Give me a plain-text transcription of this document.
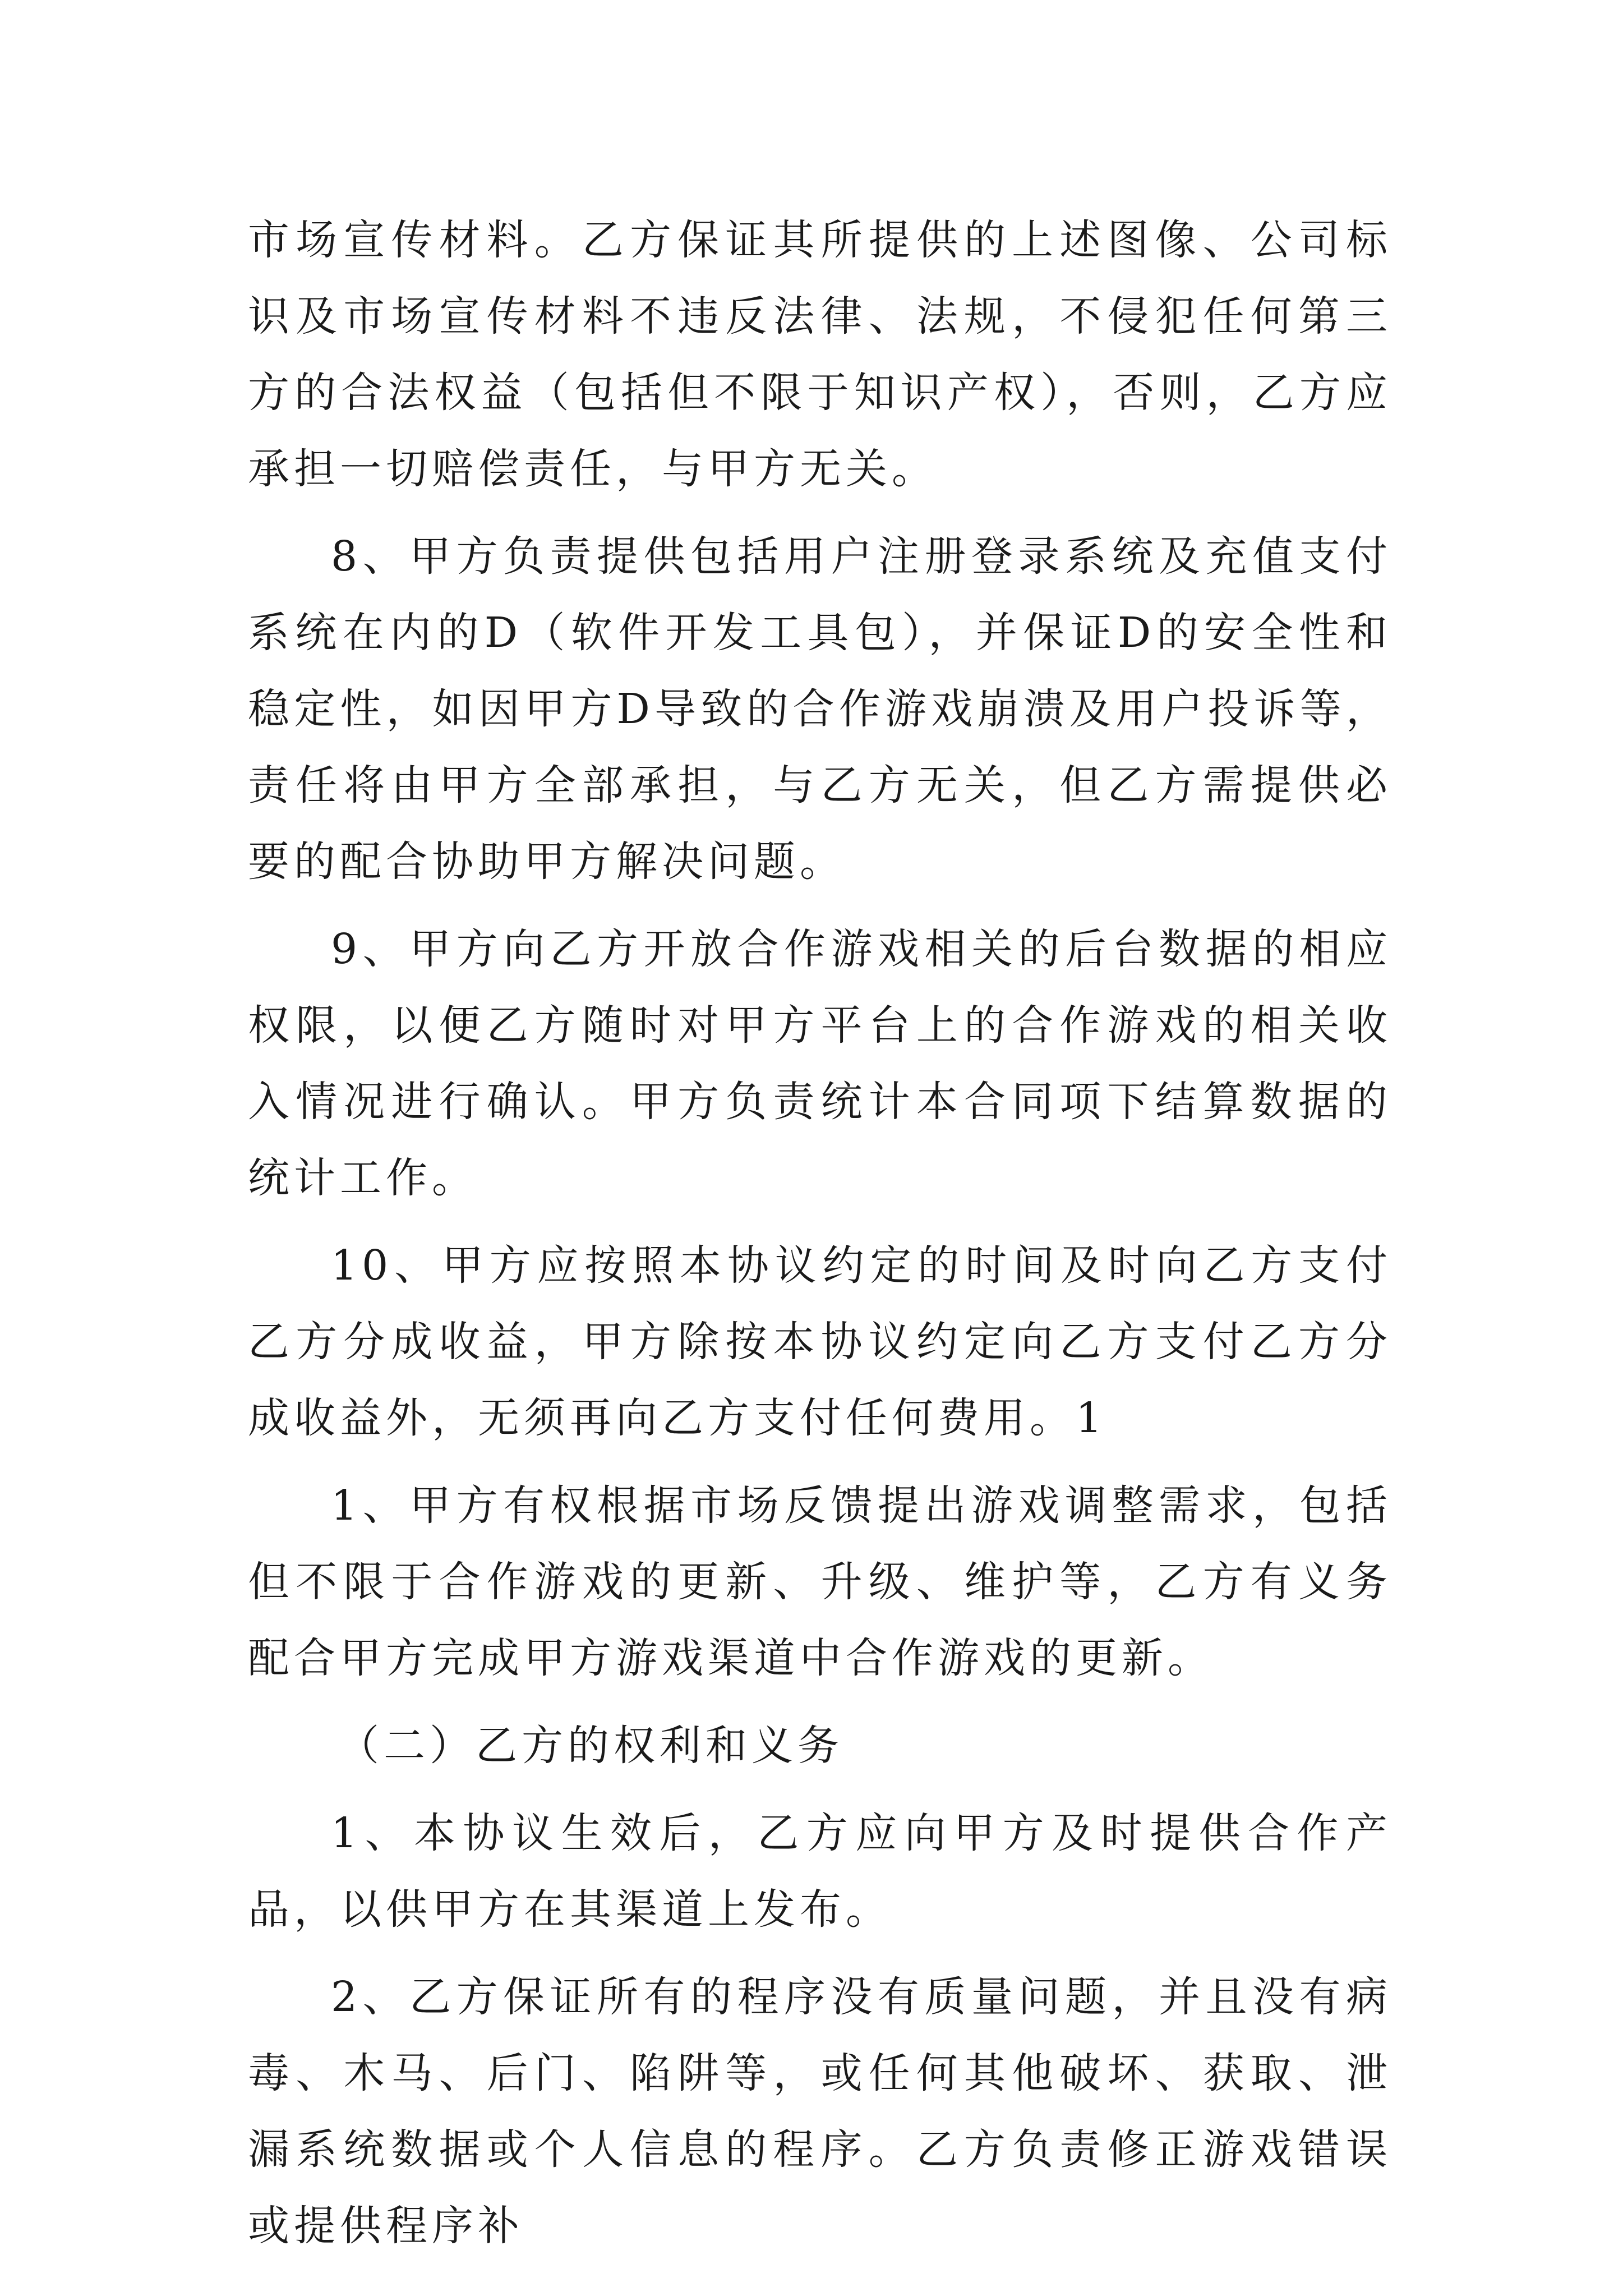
市场宣传材料。乙方保证其所提供的上述图像、公司标识及市场宣传材料不违反法律、法规，不侵犯任何第三方的合法权益（包括但不限于知识产权），否则，乙方应承担一切赔偿责任，与甲方无关。

8、甲方负责提供包括用户注册登录系统及充值支付系统在内的D（软件开发工具包），并保证D的安全性和稳定性，如因甲方D导致的合作游戏崩溃及用户投诉等，责任将由甲方全部承担，与乙方无关，但乙方需提供必要的配合协助甲方解决问题。

9、甲方向乙方开放合作游戏相关的后台数据的相应权限，以便乙方随时对甲方平台上的合作游戏的相关收入情况进行确认。甲方负责统计本合同项下结算数据的统计工作。

10、甲方应按照本协议约定的时间及时向乙方支付乙方分成收益，甲方除按本协议约定向乙方支付乙方分成收益外，无须再向乙方支付任何费用。1

1、甲方有权根据市场反馈提出游戏调整需求，包括但不限于合作游戏的更新、升级、维护等，乙方有义务配合甲方完成甲方游戏渠道中合作游戏的更新。

（二）乙方的权利和义务

1、本协议生效后，乙方应向甲方及时提供合作产品，以供甲方在其渠道上发布。

2、乙方保证所有的程序没有质量问题，并且没有病毒、木马、后门、陷阱等，或任何其他破坏、获取、泄漏系统数据或个人信息的程序。乙方负责修正游戏错误或提供程序补
